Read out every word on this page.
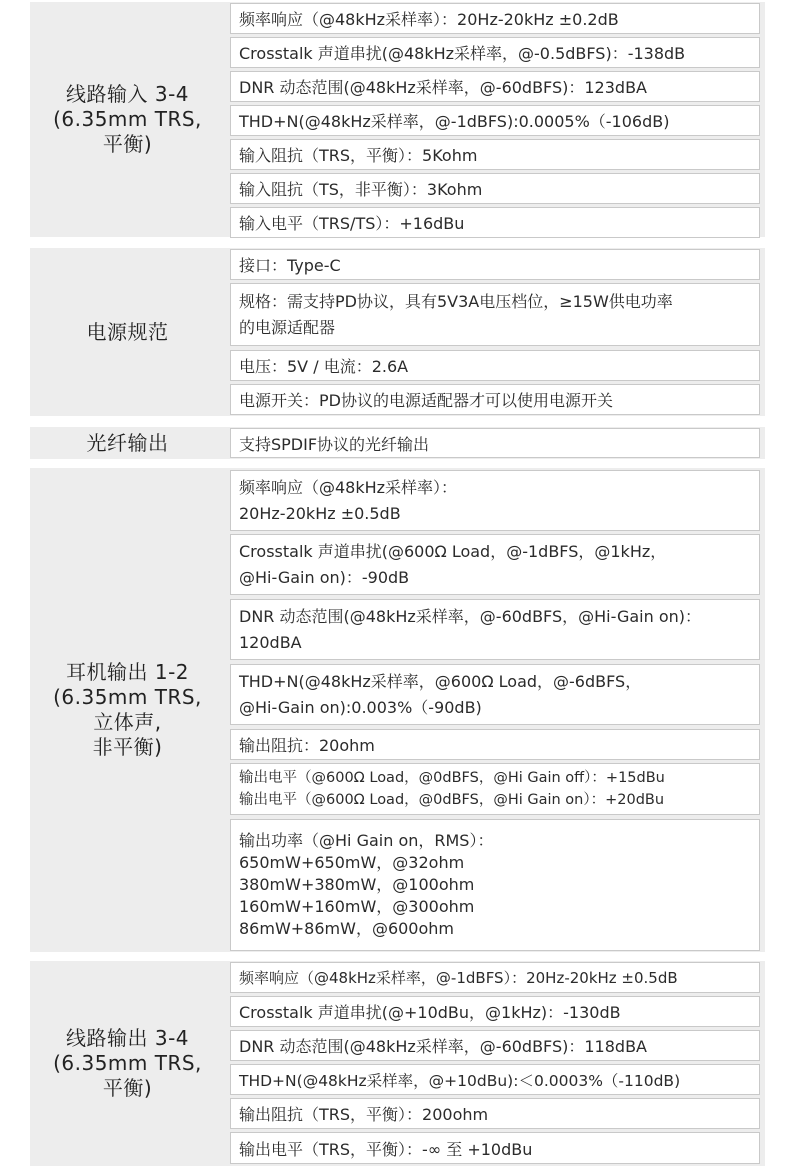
线路输入 3-4
(6.35mm TRS,
平衡)
频率响应（@48kHz采样率）：20Hz-20kHz ±0.2dB
Crosstalk 声道串扰(@48kHz采样率，@-0.5dBFS)：-138dB
DNR 动态范围(@48kHz采样率，@-60dBFS)：123dBA
THD+N(@48kHz采样率，@-1dBFS):0.0005%（-106dB)
输入阻抗（TRS，平衡）：5Kohm
输入阻抗（TS，非平衡）：3Kohm
输入电平（TRS/TS）：+16dBu
电源规范
接口：Type-C
规格：需支持PD协议，具有5V3A电压档位，≥15W供电功率
的电源适配器
电压：5V / 电流：2.6A
电源开关：PD协议的电源适配器才可以使用电源开关
光纤输出	支持SPDIF协议的光纤输出
耳机输出 1-2
(6.35mm TRS,
立体声,
非平衡)
频率响应（@48kHz采样率）：
20Hz-20kHz ±0.5dB
Crosstalk 声道串扰(@600Ω Load，@-1dBFS，@1kHz，
@Hi-Gain on)：-90dB
DNR 动态范围(@48kHz采样率，@-60dBFS，@Hi-Gain on)：
120dBA
THD+N(@48kHz采样率，@600Ω Load，@-6dBFS，
@Hi-Gain on):0.003%（-90dB)
输出阻抗：20ohm
输出电平（@600Ω Load，@0dBFS，@Hi Gain off）：+15dBu
输出电平（@600Ω Load，@0dBFS，@Hi Gain on）：+20dBu
输出功率（@Hi Gain on，RMS）：
650mW+650mW，@32ohm
380mW+380mW，@100ohm
160mW+160mW，@300ohm
86mW+86mW，@600ohm
线路输出 3-4
(6.35mm TRS,
平衡)
频率响应（@48kHz采样率，@-1dBFS）：20Hz-20kHz ±0.5dB
Crosstalk 声道串扰(@+10dBu，@1kHz)：-130dB
DNR 动态范围(@48kHz采样率，@-60dBFS)：118dBA
THD+N(@48kHz采样率，@+10dBu):＜0.0003%（-110dB)
输出阻抗（TRS，平衡）：200ohm
输出电平（TRS，平衡）：-∞ 至 +10dBu
